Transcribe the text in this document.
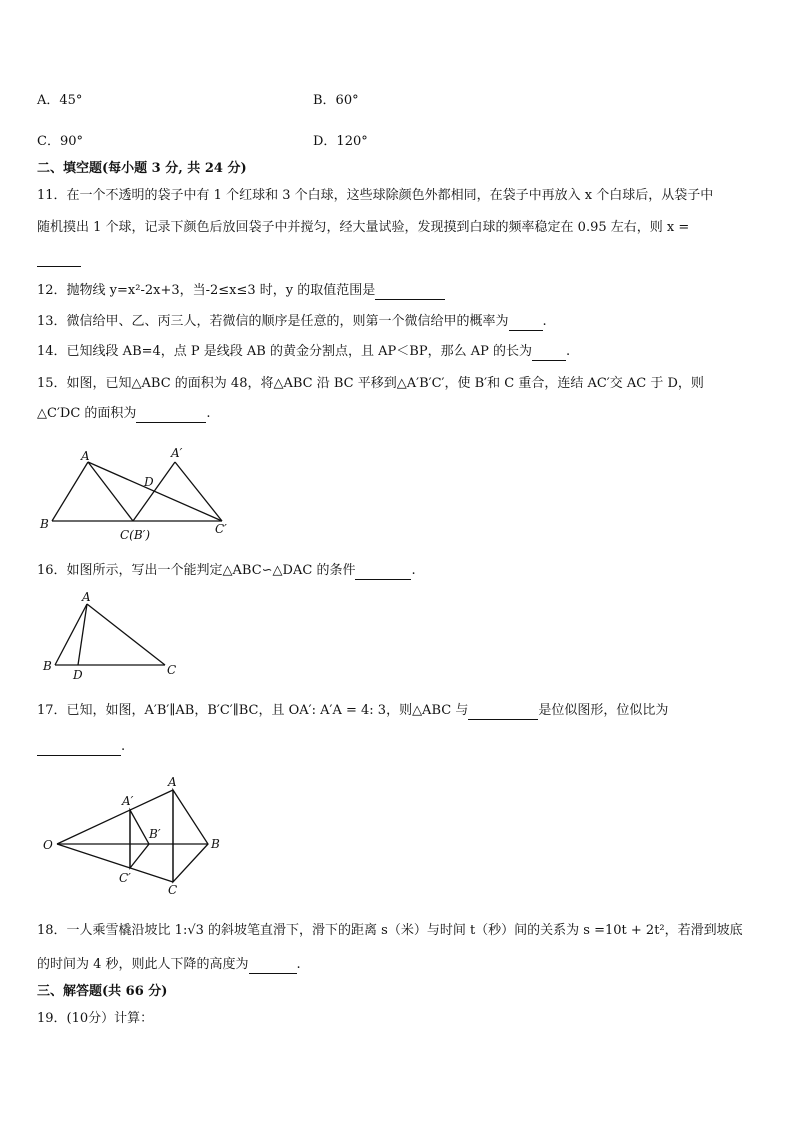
A．45°	B．60°
C．90°	D．120°
二、填空题(每小题 3 分, 共 24 分)
11．在一个不透明的袋子中有 1 个红球和 3 个白球，这些球除颜色外都相同，在袋子中再放入 x 个白球后，从袋子中
随机摸出 1 个球，记录下颜色后放回袋子中并搅匀，经大量试验，发现摸到白球的频率稳定在 0.95 左右，则 x =
12．抛物线 y=x²-2x+3，当-2≤x≤3 时，y 的取值范围是
13．微信给甲、乙、丙三人，若微信的顺序是任意的，则第一个微信给甲的概率为	.
14．已知线段 AB=4，点 P 是线段 AB 的黄金分割点，且 AP＜BP，那么 AP 的长为	.
15．如图，已知△ABC 的面积为 48，将△ABC 沿 BC 平移到△A′B′C′，使 B′和 C 重合，连结 AC′交 AC 于 D，则
△C′DC 的面积为	.
A	A′
B
C(B′)	C′
D
16．如图所示，写出一个能判定△ABC∽△DAC 的条件	.
A
B	C
D
17．已知，如图，A′B′∥AB，B′C′∥BC，且 OA′: A′A = 4: 3，则△ABC 与	是位似图形，位似比为
.
O
A
A′
B
B′
C
C′
18．一人乘雪橇沿坡比 1:√3 的斜坡笔直滑下，滑下的距离 s（米）与时间 t（秒）间的关系为 s =10t + 2t²，若滑到坡底
的时间为 4 秒，则此人下降的高度为	.
三、解答题(共 66 分)
19．(10分）计算：
